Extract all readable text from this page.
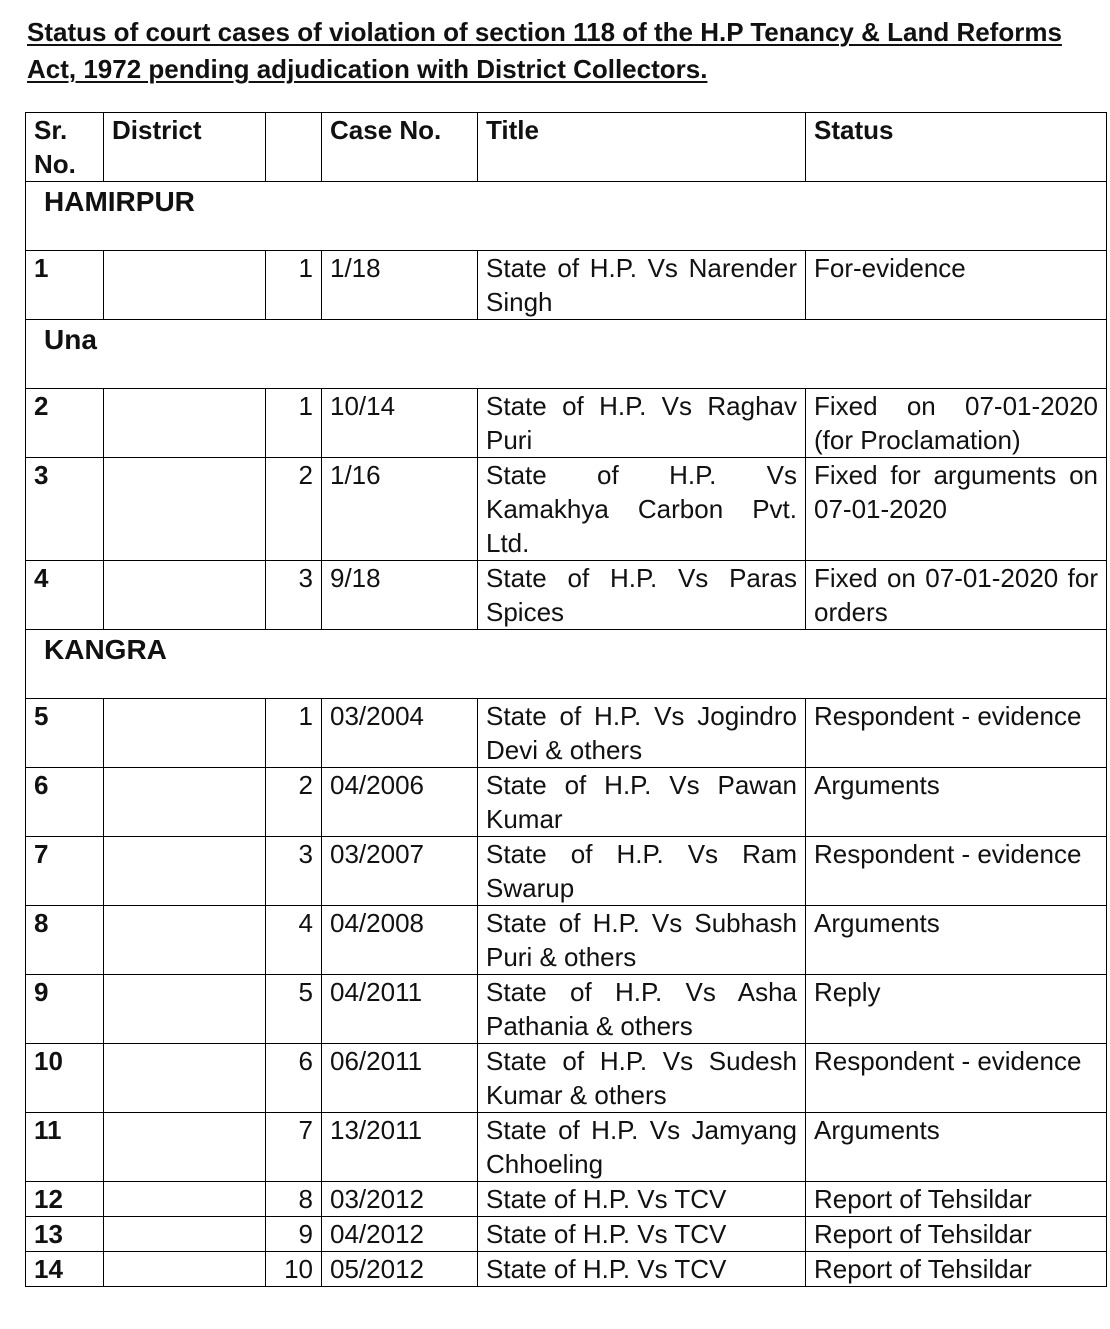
Status of court cases of violation of section 118 of the H.P Tenancy & Land Reforms Act, 1972 pending adjudication with District Collectors.
Sr. No.	District		Case No.	Title	Status
HAMIRPUR					
1		1	1/18	State of H.P. Vs Narender Singh	For-evidence
Una					
2		1	10/14	State of H.P. Vs Raghav Puri	Fixed on 07-01-2020 (for Proclamation)
3		2	1/16	State of H.P. Vs Kamakhya Carbon Pvt. Ltd.	Fixed for arguments on 07-01-2020
4		3	9/18	State of H.P. Vs Paras Spices	Fixed on 07-01-2020 for orders
KANGRA					
5		1	03/2004	State of H.P. Vs Jogindro Devi & others	Respondent - evidence
6		2	04/2006	State of H.P. Vs Pawan Kumar	Arguments
7		3	03/2007	State of H.P. Vs Ram Swarup	Respondent - evidence
8		4	04/2008	State of H.P. Vs Subhash Puri & others	Arguments
9		5	04/2011	State of H.P. Vs Asha Pathania & others	Reply
10		6	06/2011	State of H.P. Vs Sudesh Kumar & others	Respondent - evidence
11		7	13/2011	State of H.P. Vs Jamyang Chhoeling	Arguments
12		8	03/2012	State of H.P. Vs TCV	Report of Tehsildar
13		9	04/2012	State of H.P. Vs TCV	Report of Tehsildar
14		10	05/2012	State of H.P. Vs TCV	Report of Tehsildar
